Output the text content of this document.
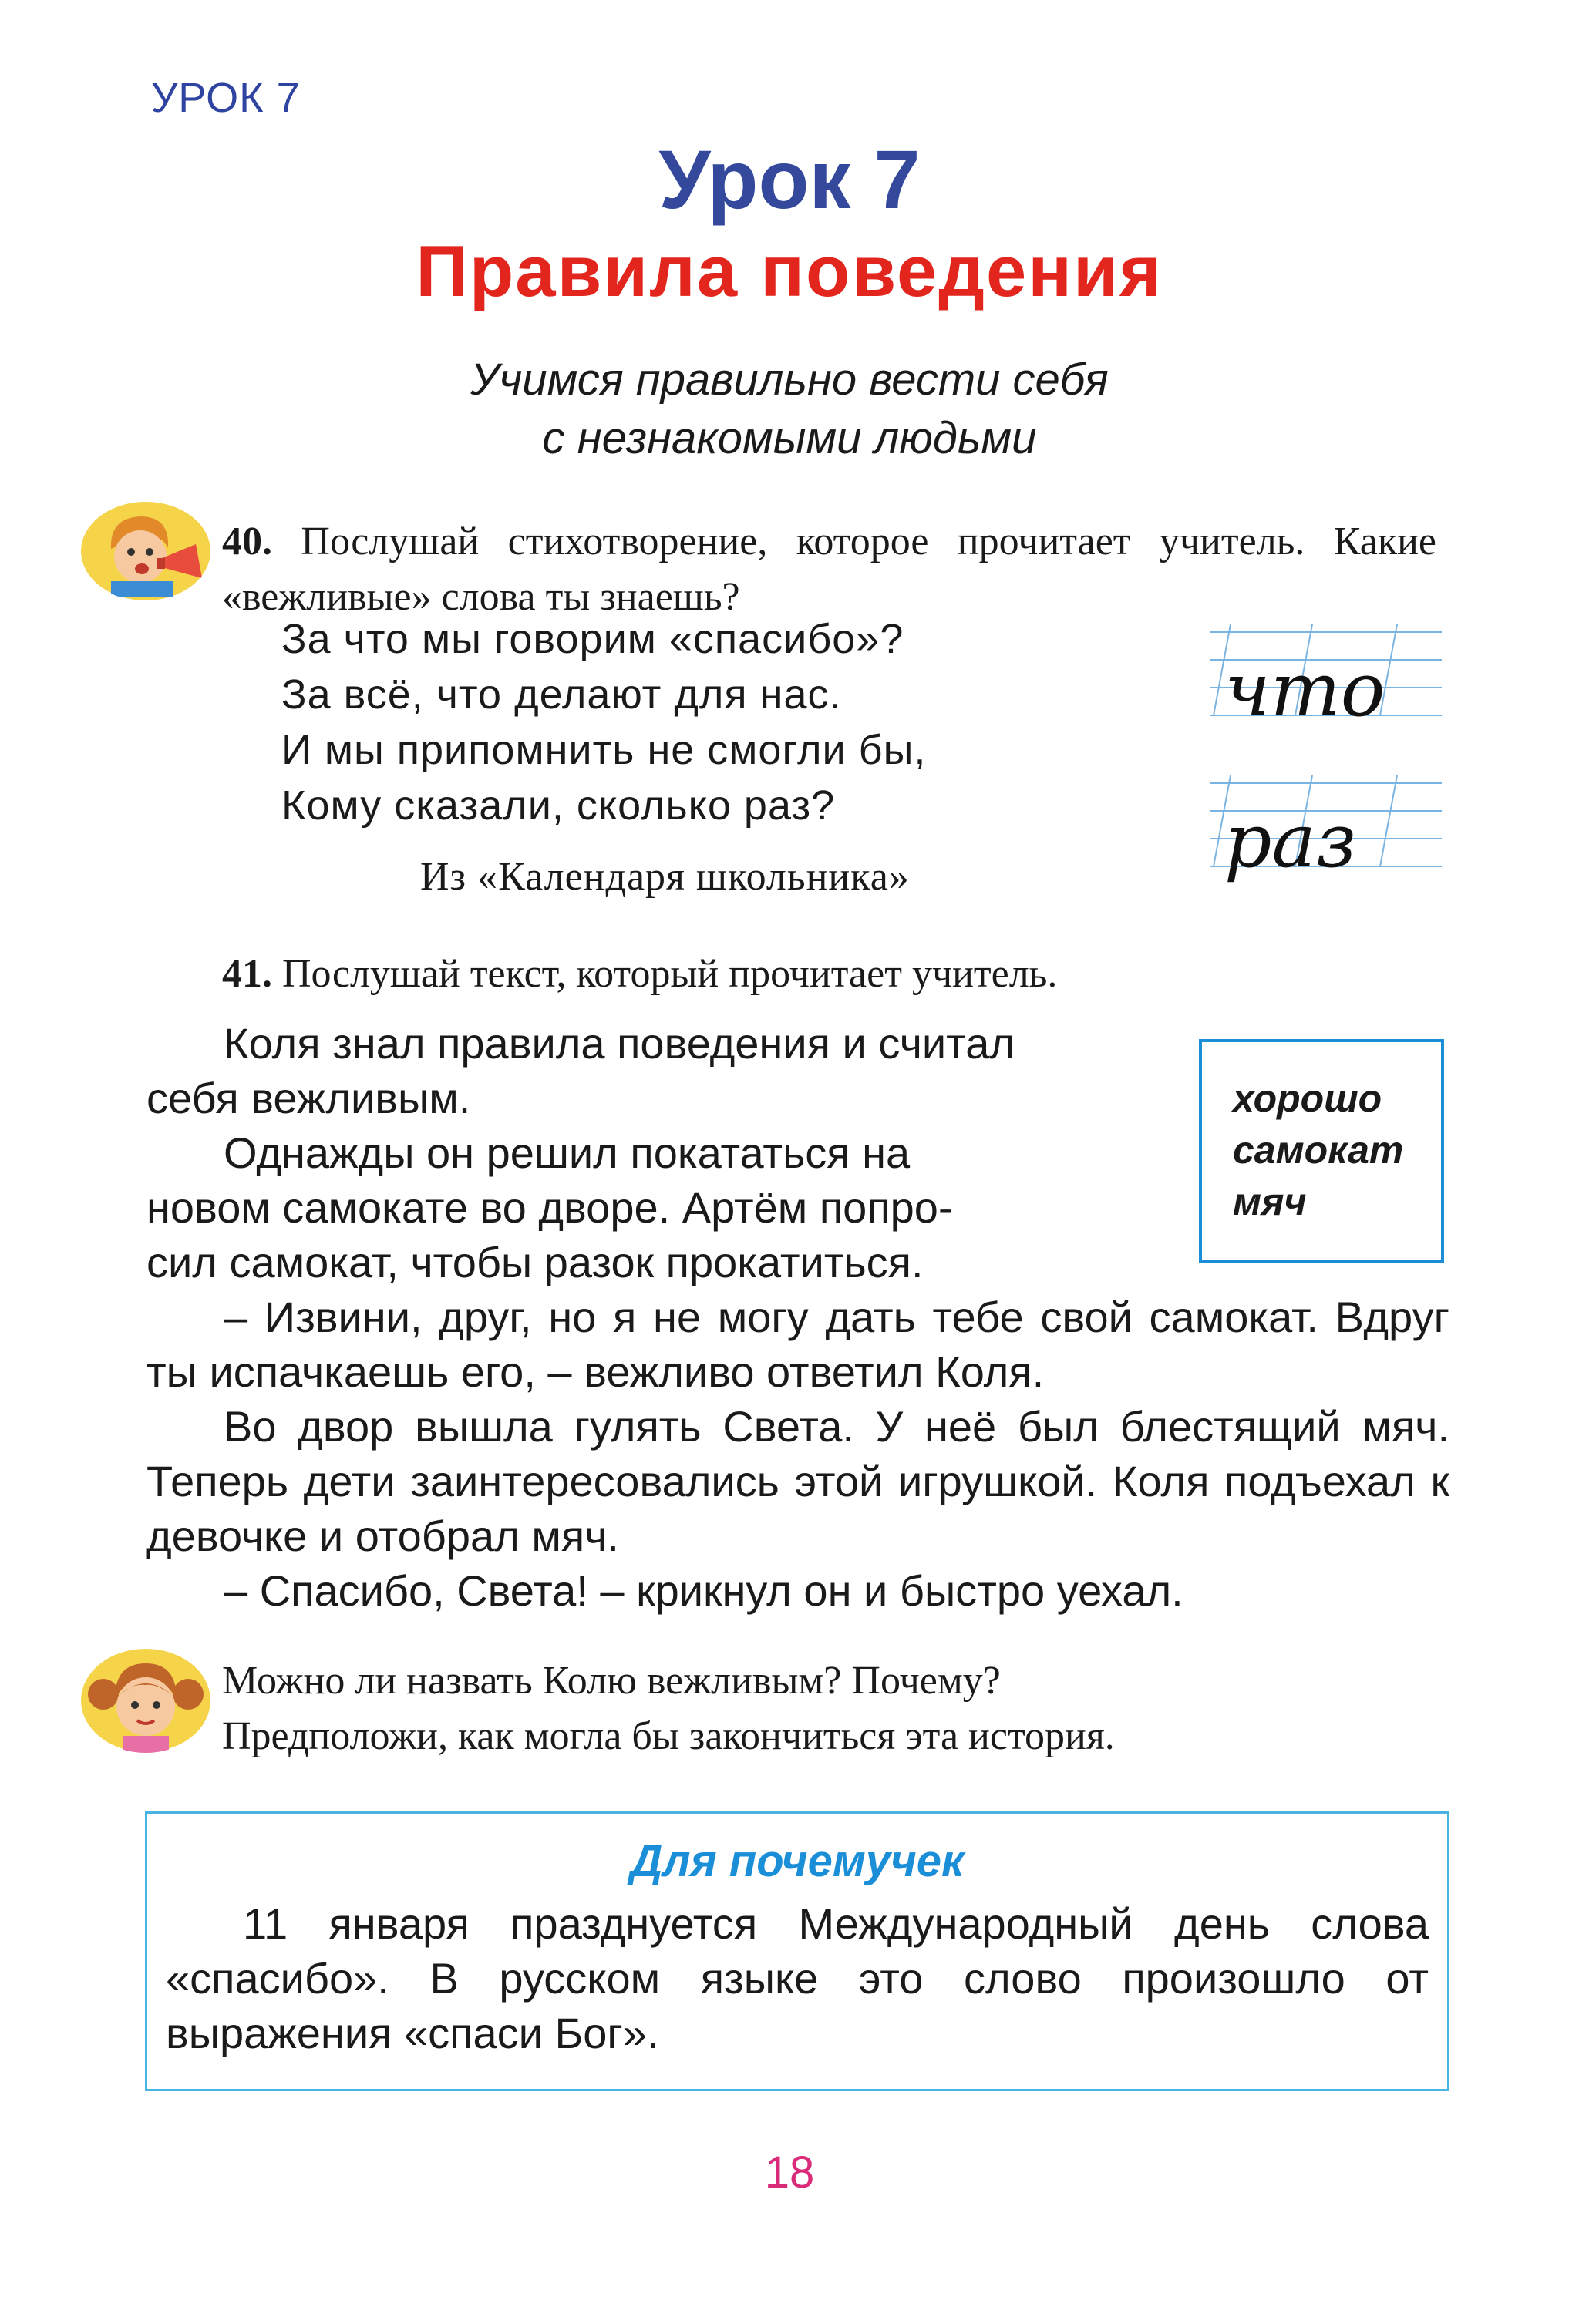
УРОК 7
Урок 7
Правила поведения
Учимся правильно вести себя
с незнакомыми людьми
40. Послушай стихотворение, которое прочитает учитель. Какие «вежливые» слова ты знаешь?
За что мы говорим «спасибо»?
За всё, что делают для нас.
И мы припомнить не смогли бы,
Кому сказали, сколько раз?
Из «Календаря школьника»
что
раз
41. Послушай текст, который прочитает учитель.

Коля знал правила поведения и считал

себя вежливым.

Однажды он решил покататься на

новом самокате во дворе. Артём попро-

сил самокат, чтобы разок прокатиться.

– Извини, друг, но я не могу дать тебе свой самокат. Вдруг ты испачкаешь его, – вежливо ответил Коля.

Во двор вышла гулять Света. У неё был блестящий мяч. Теперь дети заинтересовались этой игрушкой. Коля подъехал к девочке и отобрал мяч.

– Спасибо, Света! – крикнул он и быстро уехал.

хорошо
самокат
мяч
Можно ли назвать Колю вежливым? Почему?
Предположи, как могла бы закончиться эта история.
Для почемучек
11 января празднуется Международный день слова «спасибо». В русском языке это слово произошло от выражения «спаси Бог».
18
